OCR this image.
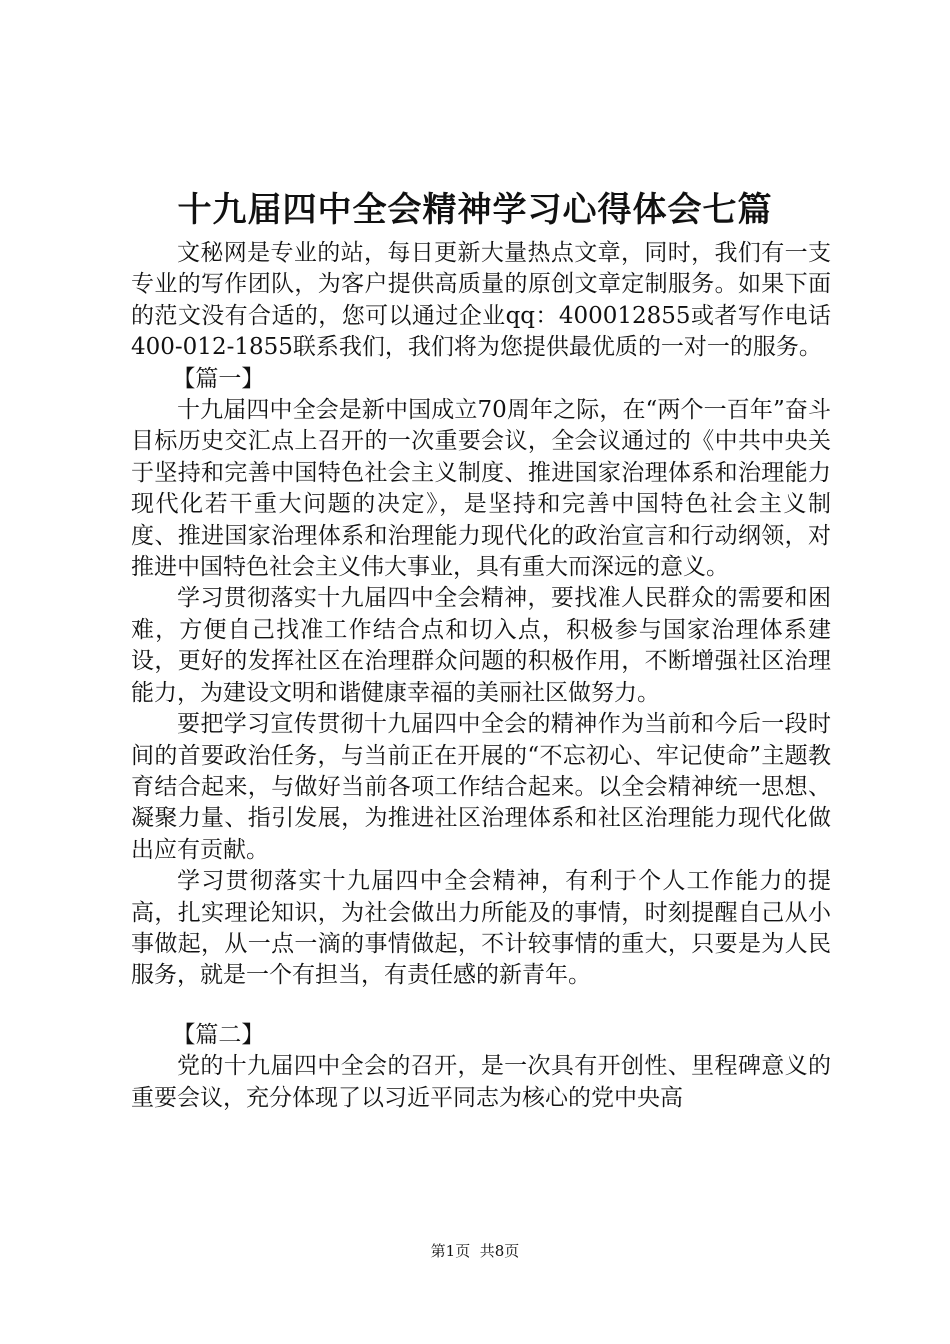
十九届四中全会精神学习心得体会七篇

文秘网是专业的站，每日更新大量热点文章，同时，我们有一支专业的写作团队，为客户提供高质量的原创文章定制服务。如果下面的范文没有合适的，您可以通过企业qq：400012855或者写作电话400-012-1855联系我们，我们将为您提供最优质的一对一的服务。

【篇一】

十九届四中全会是新中国成立70周年之际，在“两个一百年”奋斗目标历史交汇点上召开的一次重要会议，全会议通过的《中共中央关于坚持和完善中国特色社会主义制度、推进国家治理体系和治理能力现代化若干重大问题的决定》，是坚持和完善中国特色社会主义制度、推进国家治理体系和治理能力现代化的政治宣言和行动纲领，对推进中国特色社会主义伟大事业，具有重大而深远的意义。

学习贯彻落实十九届四中全会精神，要找准人民群众的需要和困难，方便自己找准工作结合点和切入点，积极参与国家治理体系建设，更好的发挥社区在治理群众问题的积极作用，不断增强社区治理能力，为建设文明和谐健康幸福的美丽社区做努力。

要把学习宣传贯彻十九届四中全会的精神作为当前和今后一段时间的首要政治任务，与当前正在开展的“不忘初心、牢记使命”主题教育结合起来，与做好当前各项工作结合起来。以全会精神统一思想、凝聚力量、指引发展，为推进社区治理体系和社区治理能力现代化做出应有贡献。

学习贯彻落实十九届四中全会精神，有利于个人工作能力的提高，扎实理论知识，为社会做出力所能及的事情，时刻提醒自己从小事做起，从一点一滴的事情做起，不计较事情的重大，只要是为人民服务，就是一个有担当，有责任感的新青年。

【篇二】

党的十九届四中全会的召开，是一次具有开创性、里程碑意义的重要会议，充分体现了以习近平同志为核心的党中央高

第1页 共8页
